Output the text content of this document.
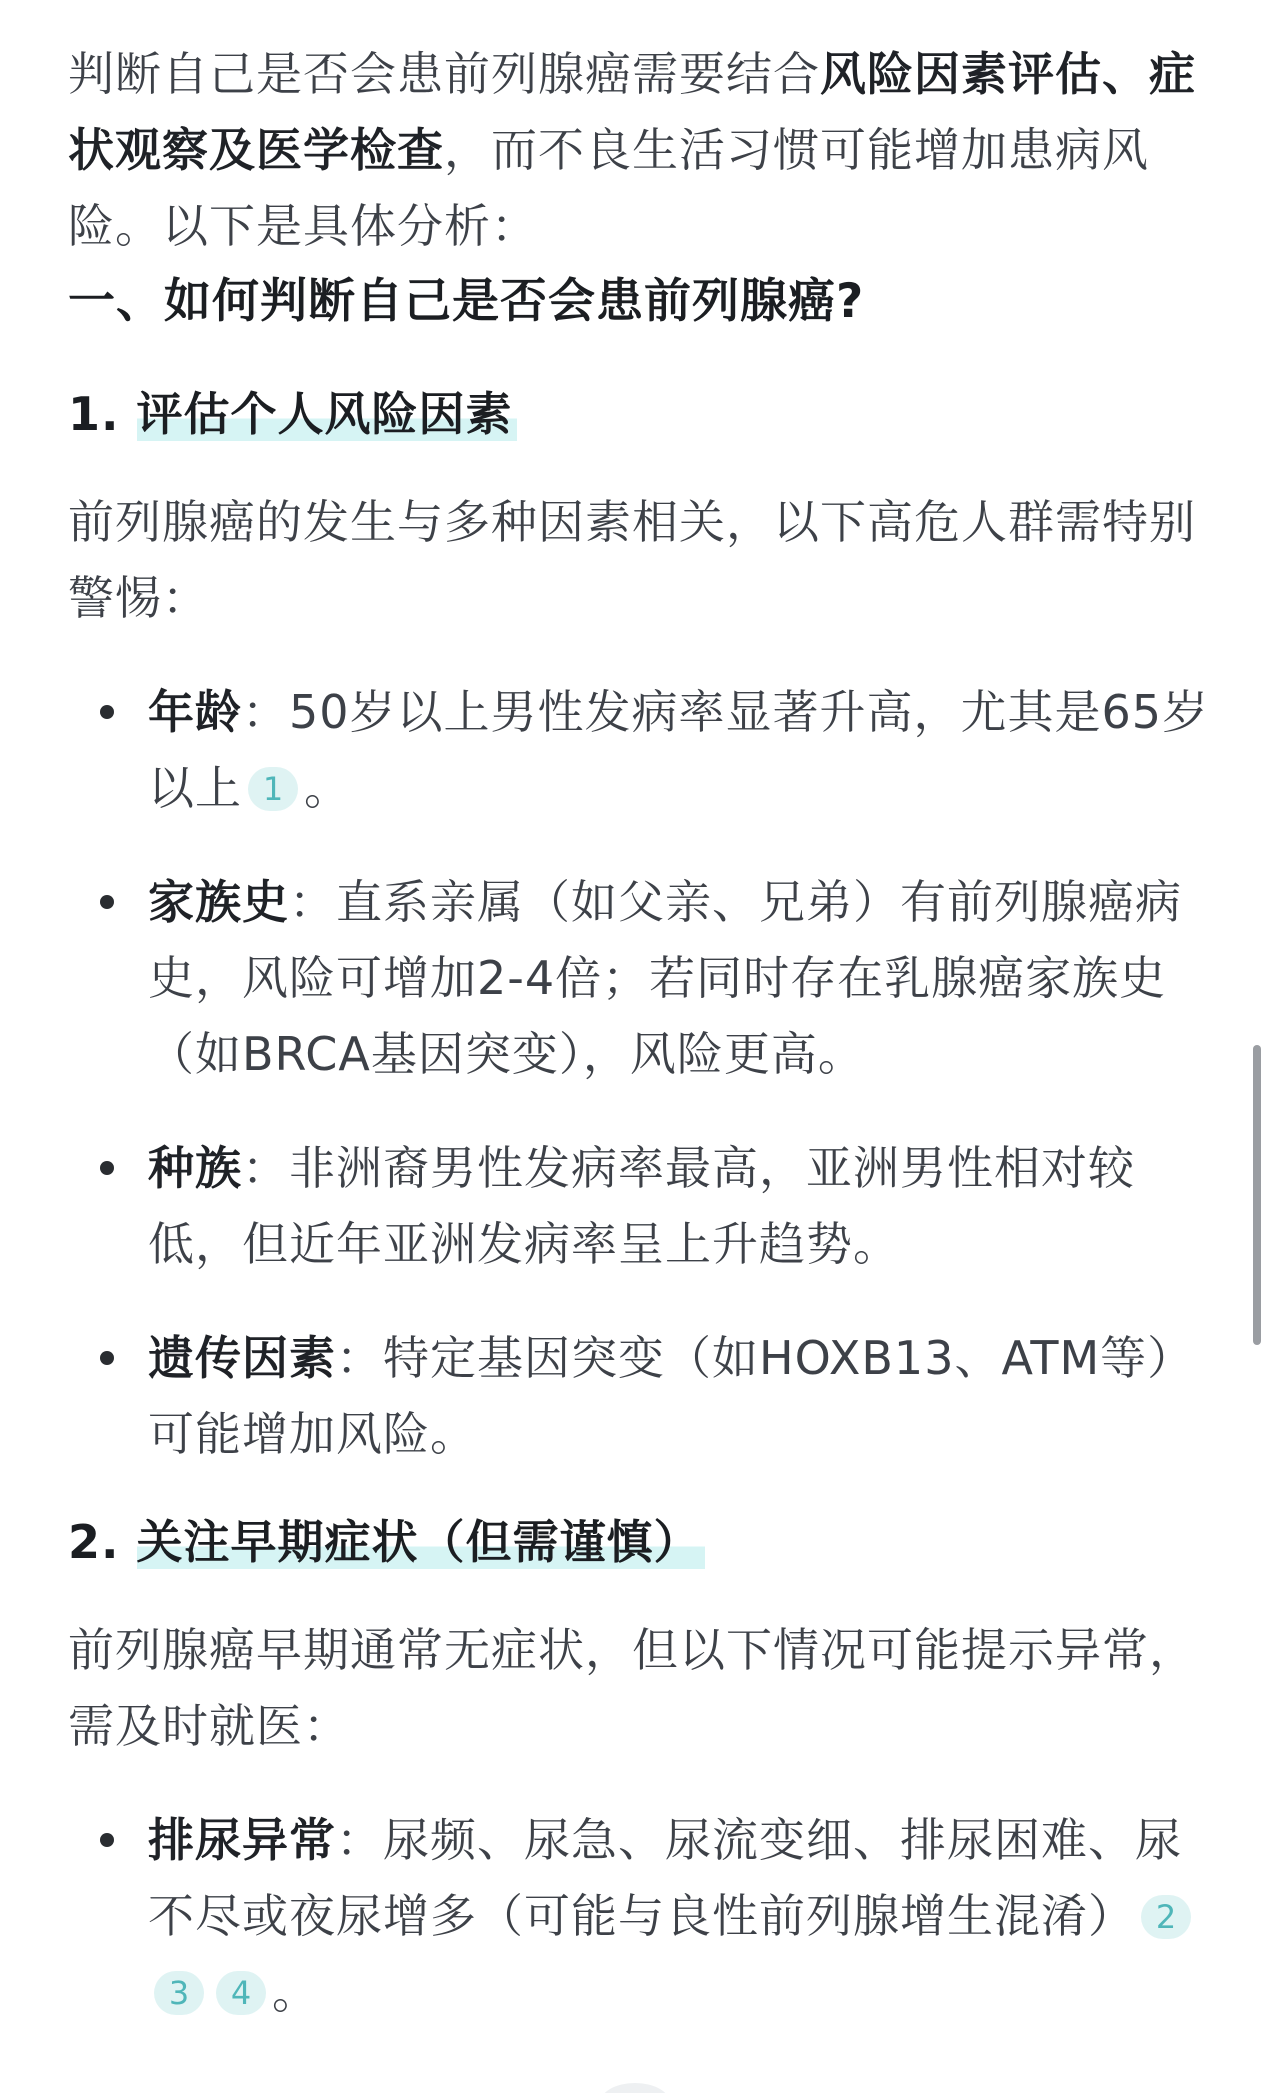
判断自己是否会患前列腺癌需要结合风险因素评估、症状观察及医学检查，而不良生活习惯可能增加患病风险。以下是具体分析：
一、如何判断自己是否会患前列腺癌?
1. 评估个人风险因素
前列腺癌的发生与多种因素相关，以下高危人群需特别警惕：
年龄：50岁以上男性发病率显著升高，尤其是65岁以上 1 。
家族史：直系亲属（如父亲、兄弟）有前列腺癌病史，风险可增加2-4倍；若同时存在乳腺癌家族史（如BRCA基因突变），风险更高。
种族：非洲裔男性发病率最高，亚洲男性相对较低，但近年亚洲发病率呈上升趋势。
遗传因素：特定基因突变（如HOXB13、ATM等）可能增加风险。
2. 关注早期症状（但需谨慎）
前列腺癌早期通常无症状，但以下情况可能提示异常，需及时就医：
排尿异常：尿频、尿急、尿流变细、排尿困难、尿不尽或夜尿增多（可能与良性前列腺增生混淆） 23 4 。
